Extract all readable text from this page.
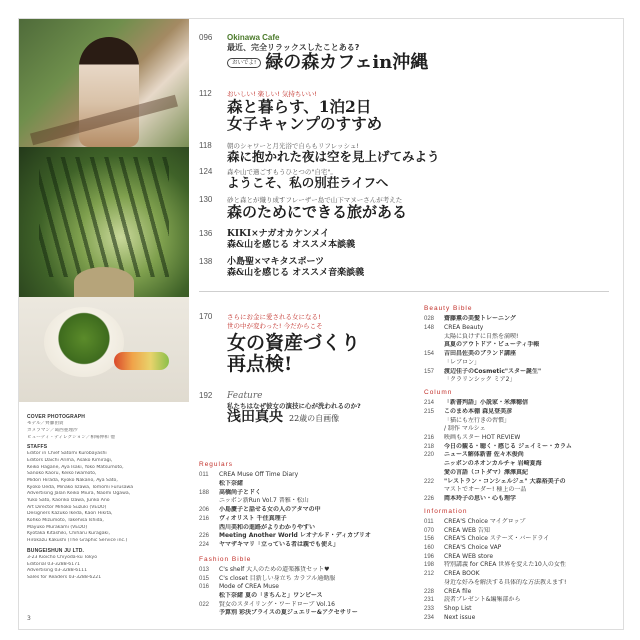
COVER PHOTOGRAPH
モデル／齊藤由貴
カメラマン／葛西亜理沙
ビューティ・ディレクション／相場伸和 他
STAFFS
Editor in Chief Satomi Kurobayashi
Editors Daichi Arima, Asako Kimiragi,
Keiko Hagane, Aya Isaki, Yoko Matsumoto,
Sanoko Kaoru, Keiko Iwamoto,
Midori Hirada, Ryoko Nakano, Aya Sato,
Kyoko Ueda, Minako Iizawa, Tomomi Furusawa
Advertising Jalan Keiko Miura, Naomi Ogawa,
Yuko Sato, Kaoriko Izawa, Junko Ano
Art Director Mihoko Suzuki (VEDO)
Designers Kazuko Ikeda, Kaori Hikita,
Kohko Mizumoto, Takehisa Ishida,
Mayuko Murakami (VEDO)
Kyotaka Kitashiki, Chiharu Kuragaki,
Hirokazu Kakushi (The Graphic Service inc.)
BUNGEISHUN JU LTD.
3-23 Kioicho Chiyoda-ku Tokyo
Editorial 03-3288-6171
Advertising 03-3288-6111
Sales for Readers 03-3288-6221
3
096 Okinawa Cafe
最近、完全リラックスしたことある?
おいでよ! 緑の森カフェin沖縄
112 おいしい! 楽しい! 気持ちいい!
森と暮らす、1泊2日
女子キャンプのすすめ
118 朝のシャワーと月光浴で自らもリフレッシュ!
森に抱かれた夜は空を見上げてみよう
124 森や山で過ごすもうひとつの"自宅"。
ようこそ、私の別荘ライフへ
130 砂と森とが織り成すフレーザー島で山下マヌーさんが考えた
森のためにできる旅がある
136 KIKI×ナガオカケンメイ
森&山を感じる オススメ本談義
138 小島聖×マキタスポーツ
森&山を感じる オススメ音楽談義
170 さらにお金に愛される女になる!
世の中が変わった! 今だからこそ
女の資産づくり
再点検!
192 Feature
私たちはなぜ彼女の演技に心が洗われるのか?
浅田真央 22歳の自画像
Regulars
011	CREA Muse Off Time Diary
松下奈緒
188	高橋尚子とドく
ニッポン新Run Vol.7 普雅・松山
206	小島慶子と話せる女の人のアタマの中
216	ヴィオリスト 千住真理子
西川美和の進路がよりわかりやすい
226	Meeting Another World レオナルド・ディカプリオ
224	ヤマザキマリ「立っている者は親でも使え」
Fashion Bible
013	C's shelf 大人のための道楽雑貨セット♥
015	C's closet 目新しい身立ち カラフル通勤服
016	Mode of CREA Muse
松下奈緒 夏の「きちんと」ワンピース
022	賢女のスタイリング・ワードローブ Vol.16
予算別 彩決プライスの夏ジュエリー&アクセサリー
Beauty Bible
028	齋藤薫の美髪トレーニング
148	CREA Beauty
太陽に負けずに自然を満喫!
真夏のアウトドア・ビューティ手帳
154	吉田昌佐美のブランド講座
「レブロン」
157	渡辺佳子のCosmetic"スター誕生"
「クラリンシック ミア2」
Column
214	「新書判語」小説家・米澤穂信
215	このまめ本棚 森見登美彦
「猫にも左行きの習慣」
/ 制作 マルシェ
216	映画もスター HOT REVIEW
218	今日の観る・聴く・感じる ジェイミー・カラム
220	ニュース解体新書 佐々木俊尚
ニッポンのネオンカルチャ 岩崎夏海
愛の言語（コトダマ）澤澤真紀
222	"レストラン・コンシェルジュ" 大森裕美子の
マストでオーダー! 極上の一品
226	岡本玲子の思い・心も理学
Information
011	CREA'S Choice マイグロップ
070	CREA WEB 告知
156	CREA'S Choice ステーズ・バードライ
160	CREA'S Choice VAP
196	CREA WEB store
198	特別講義 for CREA 世界を変えた10人の女性
212	CREA BOOK
身近な好みを解決する具体的な方法教えます!
228	CREA file
231	読者プレゼント&編集部から
233	Shop List
234	Next issue
